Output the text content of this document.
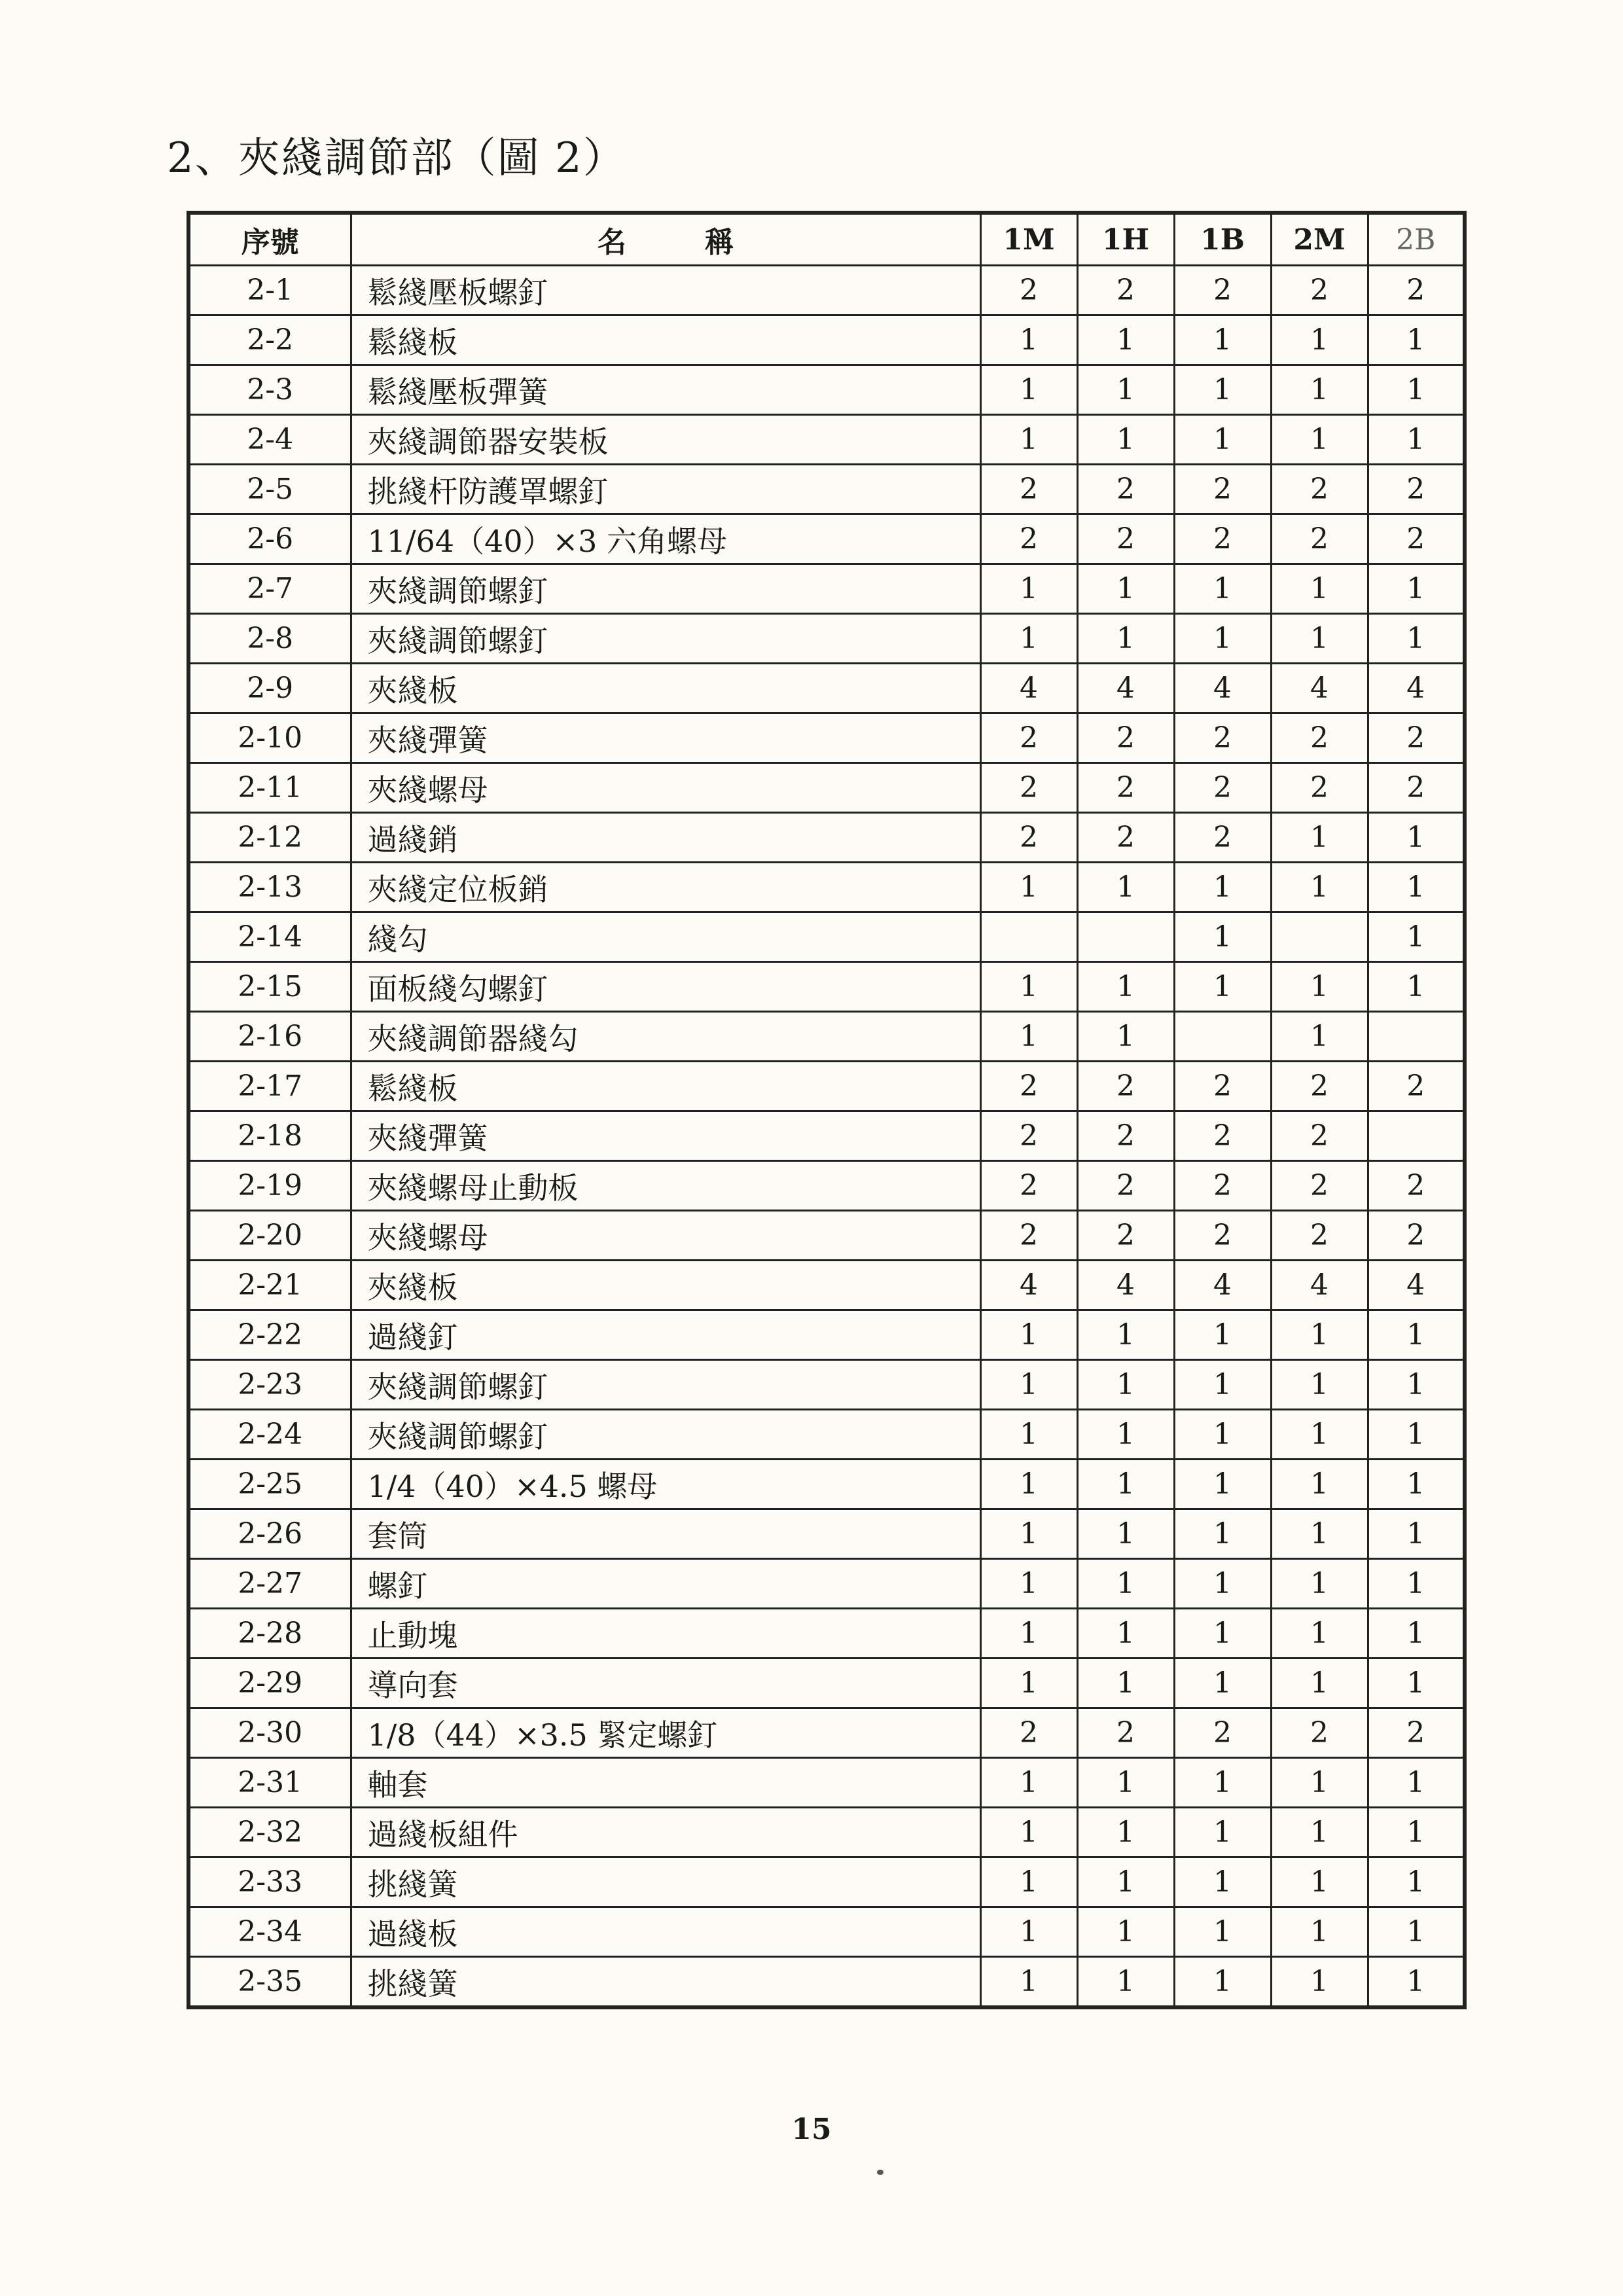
2、夾綫調節部（圖 2）
序號	名稱	1M	1H	1B	2M	2B
2-1	鬆綫壓板螺釘	2	2	2	2	2
2-2	鬆綫板	1	1	1	1	1
2-3	鬆綫壓板彈簧	1	1	1	1	1
2-4	夾綫調節器安裝板	1	1	1	1	1
2-5	挑綫杆防護罩螺釘	2	2	2	2	2
2-6	11/64（40）×3 六角螺母	2	2	2	2	2
2-7	夾綫調節螺釘	1	1	1	1	1
2-8	夾綫調節螺釘	1	1	1	1	1
2-9	夾綫板	4	4	4	4	4
2-10	夾綫彈簧	2	2	2	2	2
2-11	夾綫螺母	2	2	2	2	2
2-12	過綫銷	2	2	2	1	1
2-13	夾綫定位板銷	1	1	1	1	1
2-14	綫勾			1		1
2-15	面板綫勾螺釘	1	1	1	1	1
2-16	夾綫調節器綫勾	1	1		1	
2-17	鬆綫板	2	2	2	2	2
2-18	夾綫彈簧	2	2	2	2	
2-19	夾綫螺母止動板	2	2	2	2	2
2-20	夾綫螺母	2	2	2	2	2
2-21	夾綫板	4	4	4	4	4
2-22	過綫釘	1	1	1	1	1
2-23	夾綫調節螺釘	1	1	1	1	1
2-24	夾綫調節螺釘	1	1	1	1	1
2-25	1/4（40）×4.5 螺母	1	1	1	1	1
2-26	套筒	1	1	1	1	1
2-27	螺釘	1	1	1	1	1
2-28	止動塊	1	1	1	1	1
2-29	導向套	1	1	1	1	1
2-30	1/8（44）×3.5 緊定螺釘	2	2	2	2	2
2-31	軸套	1	1	1	1	1
2-32	過綫板組件	1	1	1	1	1
2-33	挑綫簧	1	1	1	1	1
2-34	過綫板	1	1	1	1	1
2-35	挑綫簧	1	1	1	1	1
15
